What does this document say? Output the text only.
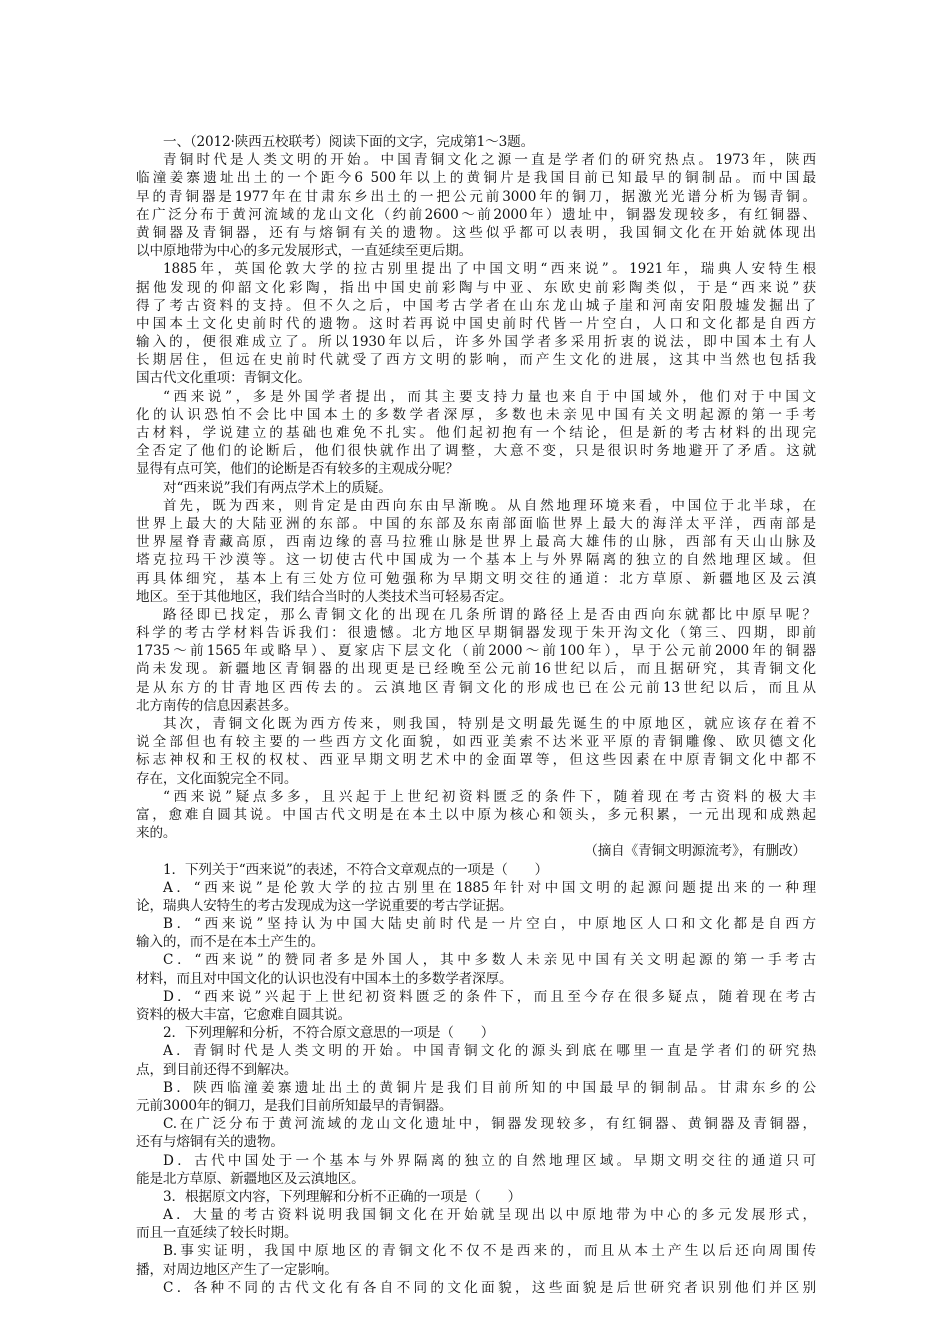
一、（2012·陕西五校联考）阅读下面的文字，完成第1～3题。
青铜时代是人类文明的开始。中国青铜文化之源一直是学者们的研究热点。1973年，陕西
临潼姜寨遗址出土的一个距今6 500年以上的黄铜片是我国目前已知最早的铜制品。而中国最
早的青铜器是1977年在甘肃东乡出土的一把公元前3000年的铜刀，据激光光谱分析为锡青铜。
在广泛分布于黄河流域的龙山文化（约前2600～前2000年）遗址中，铜器发现较多，有红铜器、
黄铜器及青铜器，还有与熔铜有关的遗物。这些似乎都可以表明，我国铜文化在开始就体现出
以中原地带为中心的多元发展形式，一直延续至更后期。
1885年，英国伦敦大学的拉古别里提出了中国文明“西来说”。1921年，瑞典人安特生根
据他发现的仰韶文化彩陶，指出中国史前彩陶与中亚、东欧史前彩陶类似，于是“西来说”获
得了考古资料的支持。但不久之后，中国考古学者在山东龙山城子崖和河南安阳殷墟发掘出了
中国本土文化史前时代的遗物。这时若再说中国史前时代皆一片空白，人口和文化都是自西方
输入的，便很难成立了。所以1930年以后，许多外国学者多采用折衷的说法，即中国本土有人
长期居住，但远在史前时代就受了西方文明的影响，而产生文化的进展，这其中当然也包括我
国古代文化重项：青铜文化。
“西来说”，多是外国学者提出，而其主要支持力量也来自于中国域外，他们对于中国文
化的认识恐怕不会比中国本土的多数学者深厚，多数也未亲见中国有关文明起源的第一手考
古材料，学说建立的基础也难免不扎实。他们起初抱有一个结论，但是新的考古材料的出现完
全否定了他们的论断后，他们很快就作出了调整，大意不变，只是很识时务地避开了矛盾。这就
显得有点可笑，他们的论断是否有较多的主观成分呢？
对“西来说”我们有两点学术上的质疑。
首先，既为西来，则肯定是由西向东由早渐晚。从自然地理环境来看，中国位于北半球，在
世界上最大的大陆亚洲的东部。中国的东部及东南部面临世界上最大的海洋太平洋，西南部是
世界屋脊青藏高原，西南边缘的喜马拉雅山脉是世界上最高大雄伟的山脉，西部有天山山脉及
塔克拉玛干沙漠等。这一切使古代中国成为一个基本上与外界隔离的独立的自然地理区域。但
再具体细究，基本上有三处方位可勉强称为早期文明交往的通道：北方草原、新疆地区及云滇
地区。至于其他地区，我们结合当时的人类技术当可轻易否定。
路径即已找定，那么青铜文化的出现在几条所谓的路径上是否由西向东就都比中原早呢？
科学的考古学材料告诉我们：很遗憾。北方地区早期铜器发现于朱开沟文化（第三、四期，即前
1735～前1565年或略早）、夏家店下层文化（前2000～前100年），早于公元前2000年的铜器
尚未发现。新疆地区青铜器的出现更是已经晚至公元前16世纪以后，而且据研究，其青铜文化
是从东方的甘青地区西传去的。云滇地区青铜文化的形成也已在公元前13世纪以后，而且从
北方南传的信息因素甚多。
其次，青铜文化既为西方传来，则我国，特别是文明最先诞生的中原地区，就应该存在着不
说全部但也有较主要的一些西方文化面貌，如西亚美索不达米亚平原的青铜雕像、欧贝德文化
标志神权和王权的权杖、西亚早期文明艺术中的金面罩等，但这些因素在中原青铜文化中都不
存在，文化面貌完全不同。
“西来说”疑点多多，且兴起于上世纪初资料匮乏的条件下，随着现在考古资料的极大丰
富，愈难自圆其说。中国古代文明是在本土以中原为核心和领头，多元积累，一元出现和成熟起
来的。
（摘自《青铜文明源流考》，有删改）
1．下列关于“西来说”的表述，不符合文章观点的一项是（　　）
A．“西来说”是伦敦大学的拉古别里在1885年针对中国文明的起源问题提出来的一种理
论，瑞典人安特生的考古发现成为这一学说重要的考古学证据。
B．“西来说”坚持认为中国大陆史前时代是一片空白，中原地区人口和文化都是自西方
输入的，而不是在本土产生的。
C．“西来说”的赞同者多是外国人，其中多数人未亲见中国有关文明起源的第一手考古
材料，而且对中国文化的认识也没有中国本土的多数学者深厚。
D．“西来说”兴起于上世纪初资料匮乏的条件下，而且至今存在很多疑点，随着现在考古
资料的极大丰富，它愈难自圆其说。
2．下列理解和分析，不符合原文意思的一项是（　　）
A．青铜时代是人类文明的开始。中国青铜文化的源头到底在哪里一直是学者们的研究热
点，到目前还得不到解决。
B．陕西临潼姜寨遗址出土的黄铜片是我们目前所知的中国最早的铜制品。甘肃东乡的公
元前3000年的铜刀，是我们目前所知最早的青铜器。
C.在广泛分布于黄河流域的龙山文化遗址中，铜器发现较多，有红铜器、黄铜器及青铜器，
还有与熔铜有关的遗物。
D．古代中国处于一个基本与外界隔离的独立的自然地理区域。早期文明交往的通道只可
能是北方草原、新疆地区及云滇地区。
3．根据原文内容，下列理解和分析不正确的一项是（　　）
A．大量的考古资料说明我国铜文化在开始就呈现出以中原地带为中心的多元发展形式，
而且一直延续了较长时期。
B.事实证明，我国中原地区的青铜文化不仅不是西来的，而且从本土产生以后还向周围传
播，对周边地区产生了一定影响。
C．各种不同的古代文化有各自不同的文化面貌，这些面貌是后世研究者识别他们并区别
